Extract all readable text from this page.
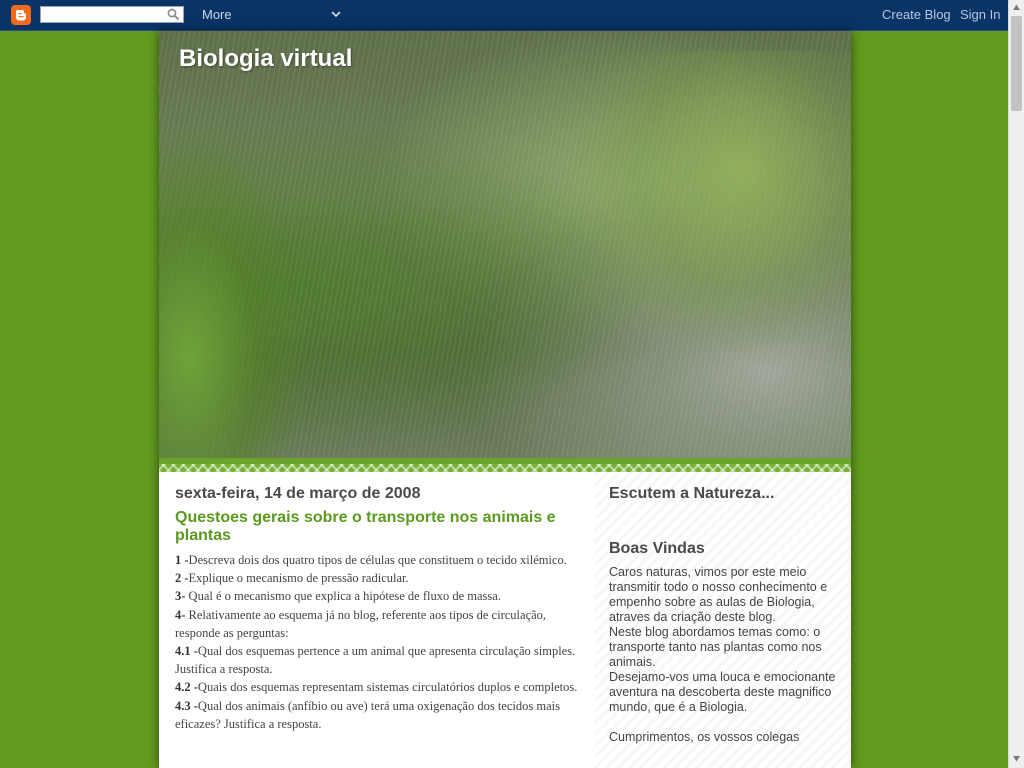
More	Create Blog Sign In
Biologia virtual
sexta-feira, 14 de março de 2008
Questoes gerais sobre o transporte nos animais e plantas

1 -Descreva dois dos quatro tipos de células que constituem o tecido xilémico.

2 -Explique o mecanismo de pressão radicular.

3- Qual é o mecanismo que explica a hipótese de fluxo de massa.

4- Relativamente ao esquema já no blog, referente aos tipos de circulação, responde as perguntas:

4.1 -Qual dos esquemas pertence a um animal que apresenta circulação simples. Justifica a resposta.

4.2 -Quais dos esquemas representam sistemas circulatórios duplos e completos.

4.3 -Qual dos animais (anfíbio ou ave) terá uma oxigenação dos tecidos mais eficazes? Justifica a resposta.

Escutem a Natureza...
Boas Vindas

Caros naturas, vimos por este meio transmitir todo o nosso conhecimento e empenho sobre as aulas de Biologia, atraves da criação deste blog.

Neste blog abordamos temas como: o transporte tanto nas plantas como nos animais.

Desejamo-vos uma louca e emocionante aventura na descoberta deste magnifico mundo, que é a Biologia.

Cumprimentos, os vossos colegas
